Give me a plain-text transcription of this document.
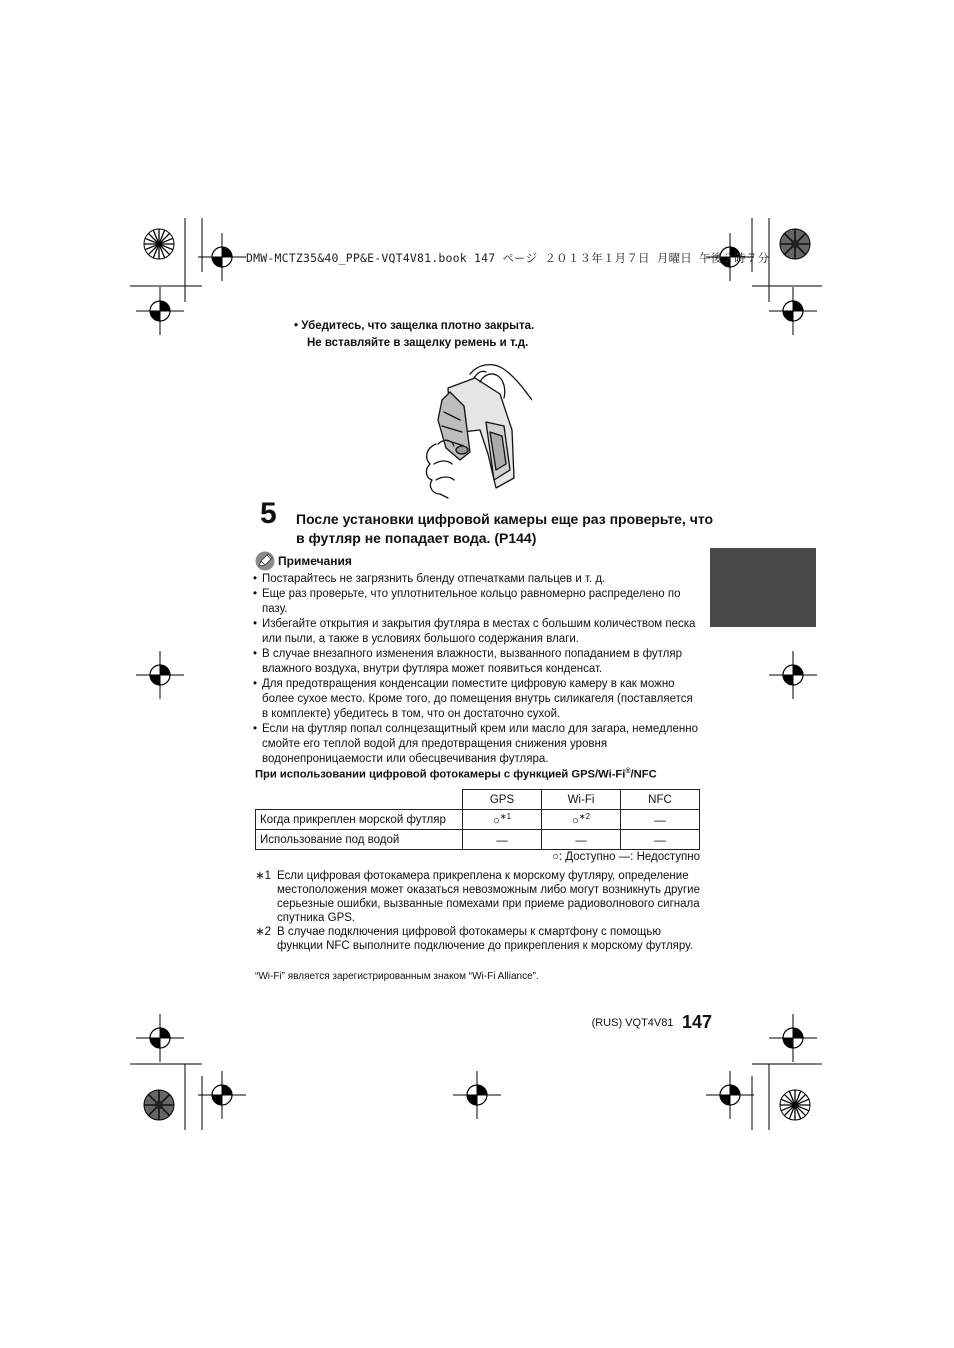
DMW-MCTZ35&40_PP&E-VQT4V81.book 147 ページ ２０１３年１月７日 月曜日 午後２時７分
• Убедитесь, что защелка плотно закрыта.
Не вставляйте в защелку ремень и т.д.
5 После установки цифровой камеры еще раз проверьте, что в футляр не попадает вода. (P144)
Примечания
• Постарайтесь не загрязнить бленду отпечатками пальцев и т. д.
• Еще раз проверьте, что уплотнительное кольцо равномерно распределено по пазу.
• Избегайте открытия и закрытия футляра в местах с большим количеством песка или пыли, а также в условиях большого содержания влаги.
• В случае внезапного изменения влажности, вызванного попаданием в футляр влажного воздуха, внутри футляра может появиться конденсат.
• Для предотвращения конденсации поместите цифровую камеру в как можно более сухое место. Кроме того, до помещения внутрь силикагеля (поставляется в комплекте) убедитесь в том, что он достаточно сухой.
• Если на футляр попал солнцезащитный крем или масло для загара, немедленно смойте его теплой водой для предотвращения снижения уровня водонепроницаемости или обесцвечивания футляра.
При использовании цифровой фотокамеры с функцией GPS/Wi-Fi®/NFC
	GPS	Wi-Fi	NFC
Когда прикреплен морской футляр	○$^{∗1}$	○$^{∗2}$	—
Использование под водой	—	—	—
○: Доступно —: Недоступно
∗1 Если цифровая фотокамера прикреплена к морскому футляру, определение местоположения может оказаться невозможным либо могут возникнуть другие серьезные ошибки, вызванные помехами при приеме радиоволнового сигнала спутника GPS.
∗2 В случае подключения цифровой фотокамеры к смартфону с помощью функции NFC выполните подключение до прикрепления к морскому футляру.
“Wi-Fi” является зарегистрированным знаком “Wi-Fi Alliance”.
(RUS) VQT4V81 147
